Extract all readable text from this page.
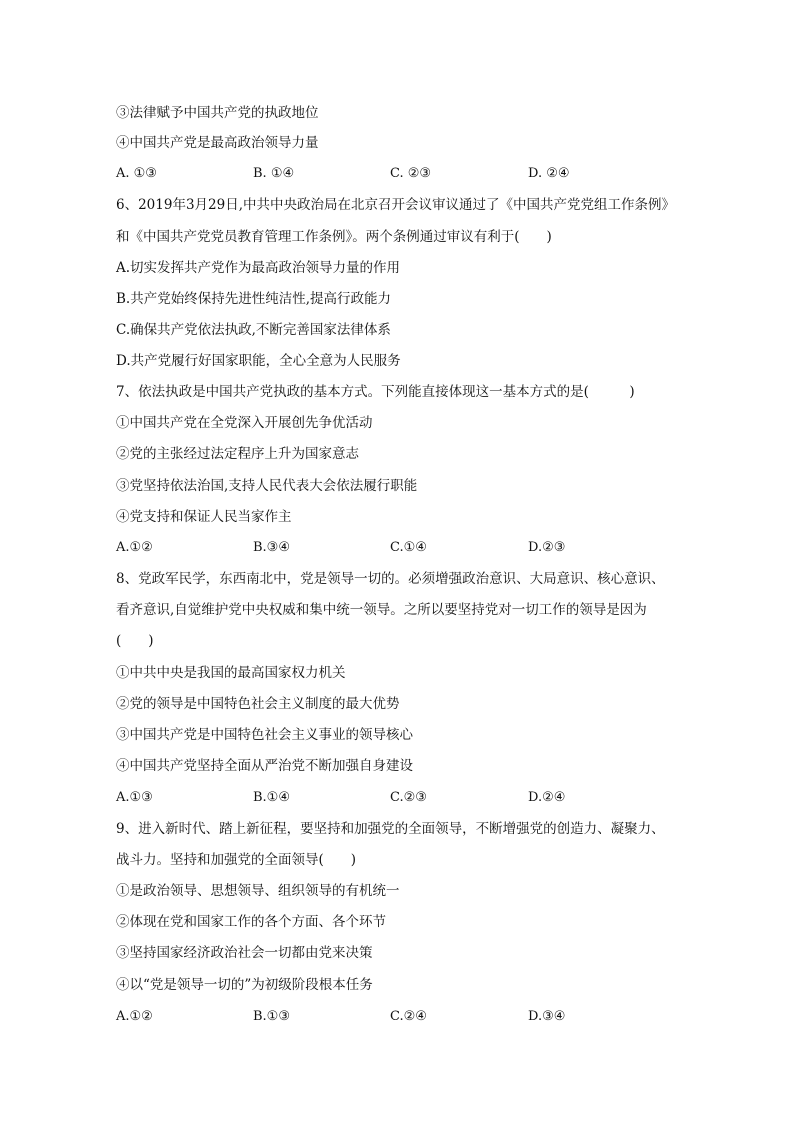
③法律赋予中国共产党的执政地位
④中国共产党是最高政治领导力量
A. ①③	B. ①④	C. ②③	D. ②④
6、2019年3月29日,中共中央政治局在北京召开会议审议通过了《中国共产党党组工作条例》
和《中国共产党党员教育管理工作条例》。两个条例通过审议有利于(　　)
A.切实发挥共产党作为最高政治领导力量的作用
B.共产党始终保持先进性纯洁性,提高行政能力
C.确保共产党依法执政,不断完善国家法律体系
D.共产党履行好国家职能，全心全意为人民服务
7、依法执政是中国共产党执政的基本方式。下列能直接体现这一基本方式的是(　　　)
①中国共产党在全党深入开展创先争优活动
②党的主张经过法定程序上升为国家意志
③党坚持依法治国,支持人民代表大会依法履行职能
④党支持和保证人民当家作主
A.①②	B.③④	C.①④	D.②③
8、党政军民学，东西南北中，党是领导一切的。必须增强政治意识、大局意识、核心意识、
看齐意识,自觉维护党中央权威和集中统一领导。之所以要坚持党对一切工作的领导是因为
(　　)
①中共中央是我国的最高国家权力机关
②党的领导是中国特色社会主义制度的最大优势
③中国共产党是中国特色社会主义事业的领导核心
④中国共产党坚持全面从严治党不断加强自身建设
A.①③	B.①④	C.②③	D.②④
9、进入新时代、踏上新征程，要坚持和加强党的全面领导，不断增强党的创造力、凝聚力、
战斗力。坚持和加强党的全面领导(　　)
①是政治领导、思想领导、组织领导的有机统一
②体现在党和国家工作的各个方面、各个环节
③坚持国家经济政治社会一切都由党来决策
④以“党是领导一切的”为初级阶段根本任务
A.①②	B.①③	C.②④	D.③④
